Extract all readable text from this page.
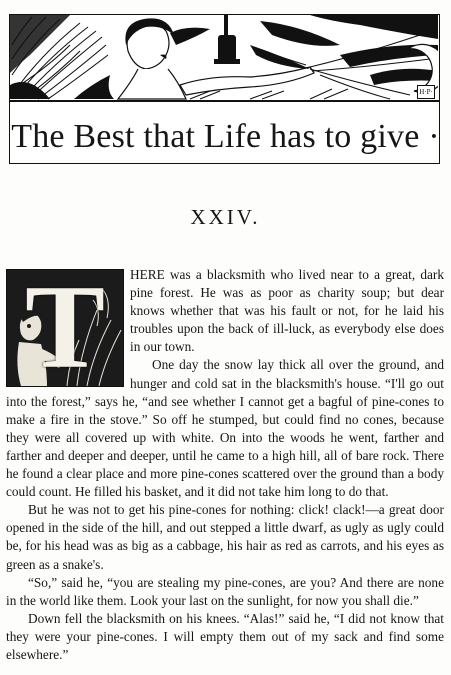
H·P·
The Best that Life has to give ·
XXIV.
T	HERE was a blacksmith who lived near to a great, dark pine forest. He was as poor as charity soup; but dear knows whether that was his fault or not, for he laid his troubles upon the back of ill-luck, as everybody else does in our town.

One day the snow lay thick all over the ground, and hunger and cold sat in the blacksmith's house. “I'll go out into the forest,” says he, “and see whether I cannot get a bagful of pine-cones to make a fire in the stove.” So off he stumped, but could find no cones, because they were all covered up with white. On into the woods he went, farther and farther and deeper and deeper, until he came to a high hill, all of bare rock. There he found a clear place and more pine-cones scattered over the ground than a body could count. He filled his basket, and it did not take him long to do that.

But he was not to get his pine-cones for nothing: click! clack!—a great door opened in the side of the hill, and out stepped a little dwarf, as ugly as ugly could be, for his head was as big as a cabbage, his hair as red as carrots, and his eyes as green as a snake's.

“So,” said he, “you are stealing my pine-cones, are you? And there are none in the world like them. Look your last on the sunlight, for now you shall die.”

Down fell the blacksmith on his knees. “Alas!” said he, “I did not know that they were your pine-cones. I will empty them out of my sack and find some elsewhere.”
